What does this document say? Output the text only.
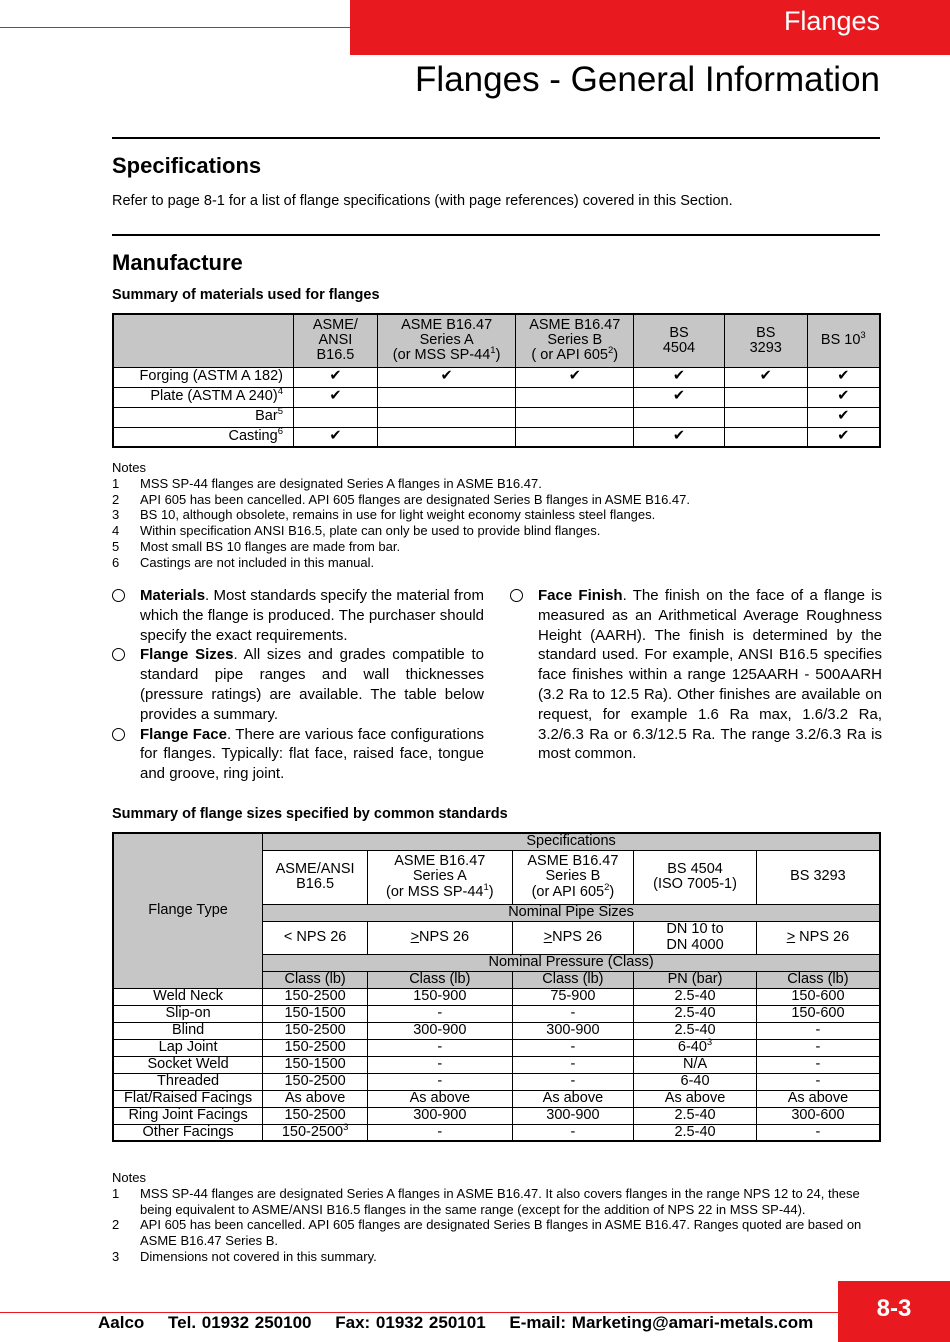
Flanges
Flanges - General Information
Specifications
Refer to page 8-1 for a list of flange specifications (with page references) covered in this Section.
Manufacture
Summary of materials used for flanges
	ASME/
ANSI
B16.5	ASME B16.47
Series A
(or MSS $SP-44^1$)	ASME B16.47
Series B
( or API $605^2$)	BS
4504	BS
3293	BS $10^3$
Forging (ASTM A 182)	✔	✔	✔	✔	✔	✔
Plate (ASTM A 240)$^4$	✔			✔		✔
Bar$^5$						✔
Casting$^6$	✔			✔		✔
Notes
1	MSS SP-44 flanges are designated Series A flanges in ASME B16.47.
2	API 605 has been cancelled. API 605 flanges are designated Series B flanges in ASME B16.47.
3	BS 10, although obsolete, remains in use for light weight economy stainless steel flanges.
4	Within specification ANSI B16.5, plate can only be used to provide blind flanges.
5	Most small BS 10 flanges are made from bar.
6	Castings are not included in this manual.
Materials. Most standards specify the material from which the flange is produced. The purchaser should specify the exact requirements.
Flange Sizes. All sizes and grades compatible to standard pipe ranges and wall thicknesses (pressure ratings) are available. The table below provides a summary.
Flange Face. There are various face configurations for flanges. Typically: flat face, raised face, tongue and groove, ring joint.
Face Finish. The finish on the face of a flange is measured as an Arithmetical Average Roughness Height (AARH). The finish is determined by the standard used. For example, ANSI B16.5 specifies face finishes within a range 125AARH - 500AARH (3.2 Ra to 12.5 Ra). Other finishes are available on request, for example 1.6 Ra max, 1.6/3.2 Ra, 3.2/6.3 Ra or 6.3/12.5 Ra. The range 3.2/6.3 Ra is most common.
Summary of flange sizes specified by common standards
Flange Type	Specifications				
	ASME/ANSI
B16.5	ASME B16.47
Series A
(or MSS $SP-44^1$)	ASME B16.47
Series B
(or API $605^2$)	BS 4504
(ISO 7005-1)	BS 3293
	Nominal Pipe Sizes				
	< NPS 26	>NPS 26	>NPS 26	DN 10 to
DN 4000	> NPS 26
	Nominal Pressure (Class)				
	Class (lb)	Class (lb)	Class (lb)	PN (bar)	Class (lb)
Weld Neck	150-2500	150-900	75-900	2.5-40	150-600
Slip-on	150-1500	-	-	2.5-40	150-600
Blind	150-2500	300-900	300-900	2.5-40	-
Lap Joint	150-2500	-	-	$6-40^3$	-
Socket Weld	150-1500	-	-	N/A	-
Threaded	150-2500	-	-	6-40	-
Flat/Raised Facings	As above	As above	As above	As above	As above
Ring Joint Facings	150-2500	300-900	300-900	2.5-40	300-600
Other Facings	150-2500$^3$	-	-	2.5-40	-
Notes
1	MSS SP-44 flanges are designated Series A flanges in ASME B16.47. It also covers flanges in the range NPS 12 to 24, these being equivalent to ASME/ANSI B16.5 flanges in the same range (except for the addition of NPS 22 in MSS SP-44).
2	API 605 has been cancelled. API 605 flanges are designated Series B flanges in ASME B16.47. Ranges quoted are based on ASME B16.47 Series B.
3	Dimensions not covered in this summary.
8-3
Aalco Tel. 01932 250100 Fax: 01932 250101 E-mail: Marketing@amari-metals.com
